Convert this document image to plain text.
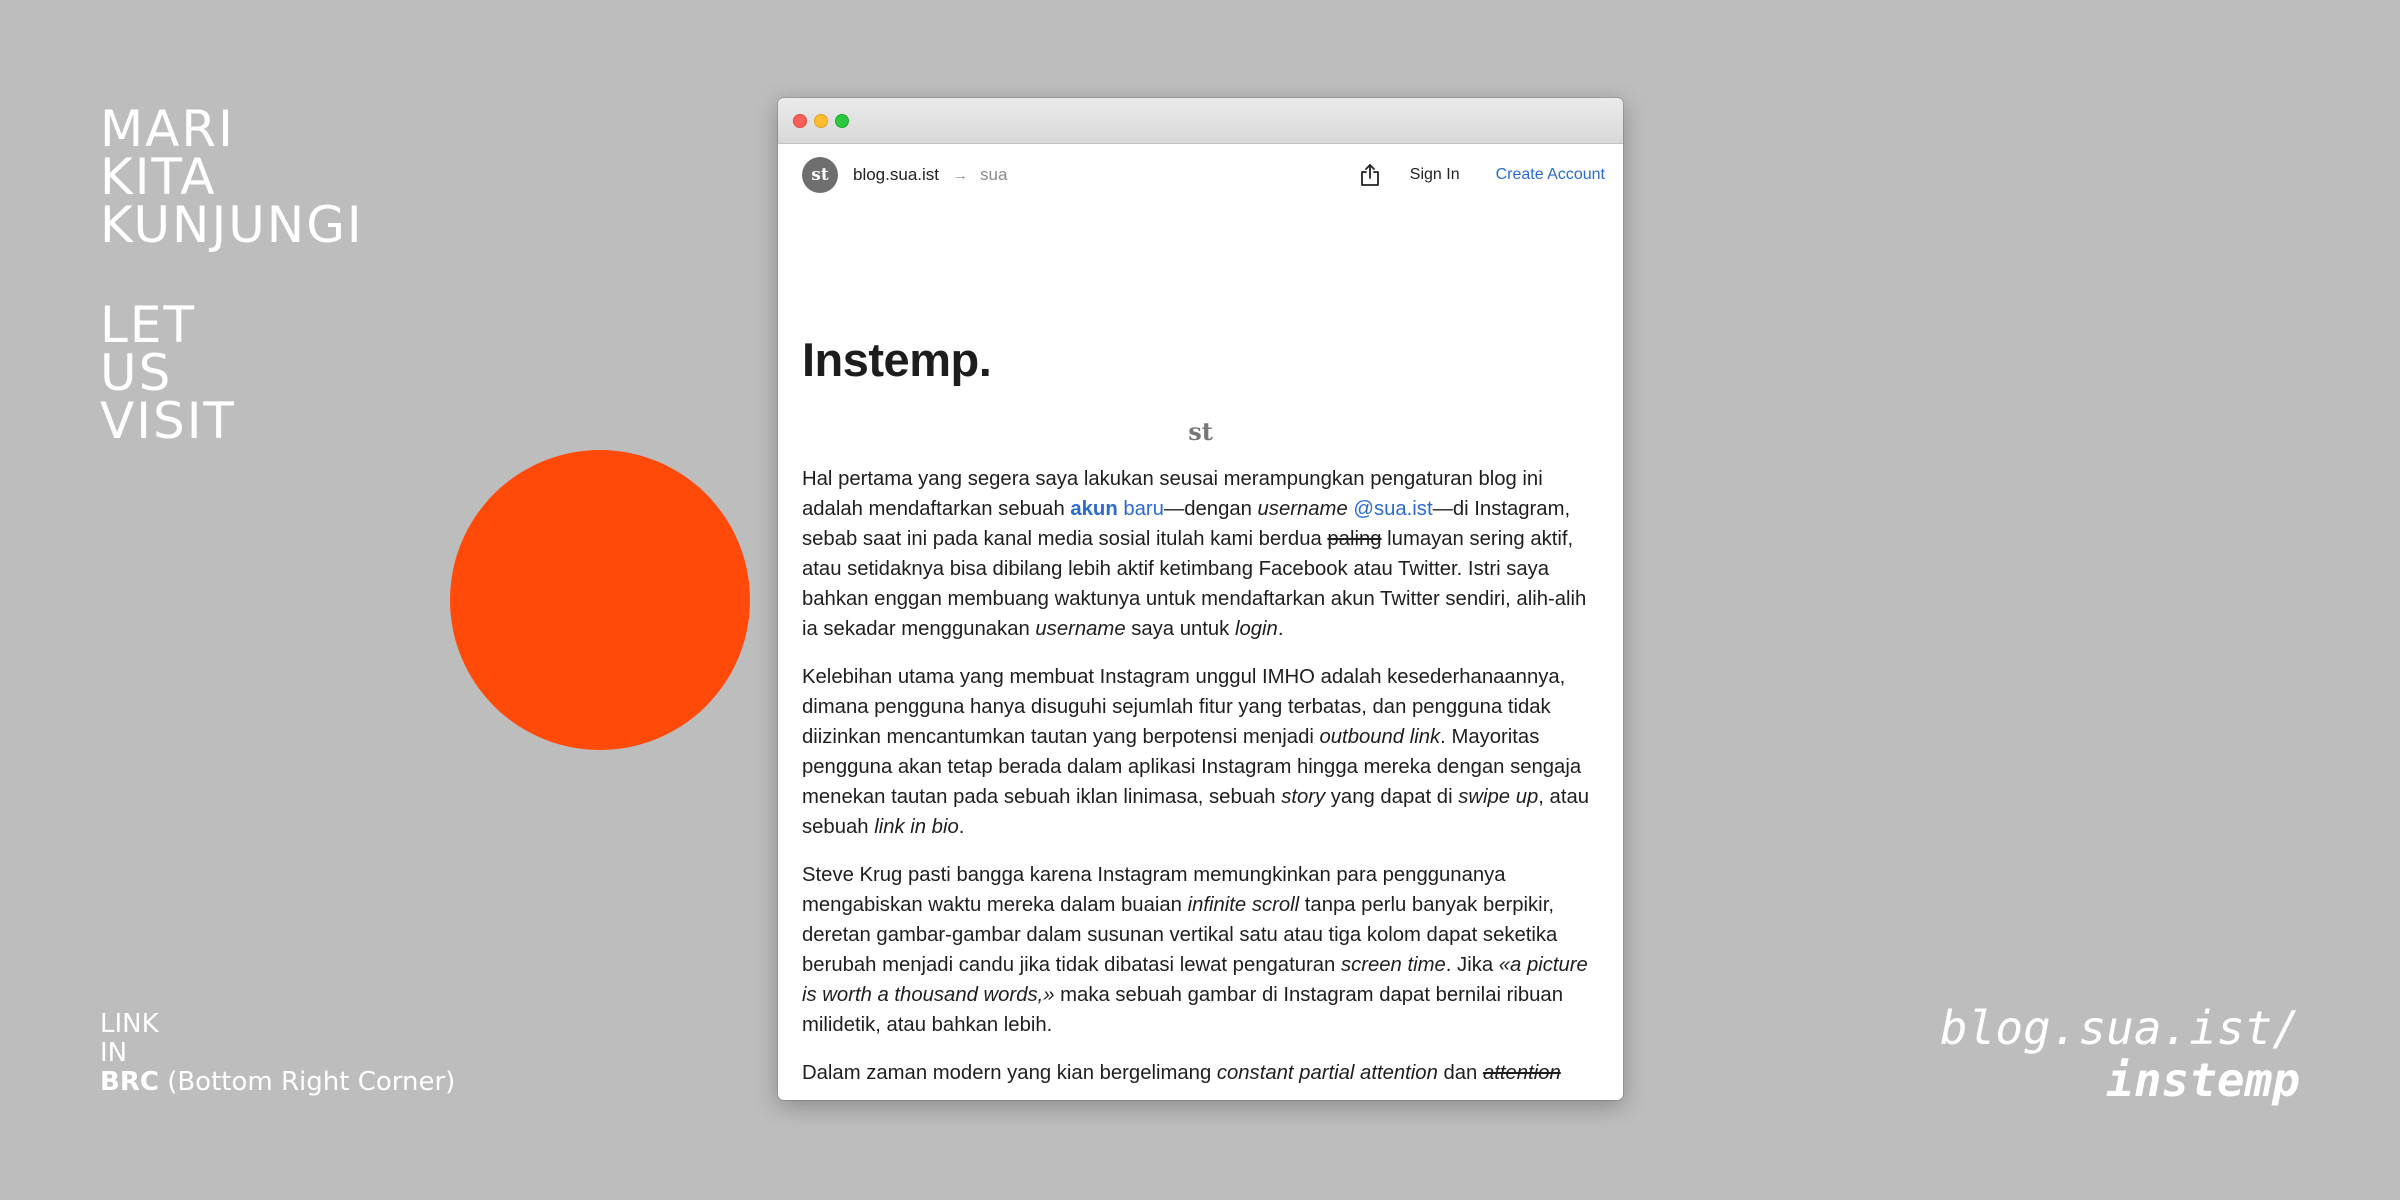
MARI
KITA
KUNJUNGI
LET
US
VISIT
LINK
IN
BRC (Bottom Right Corner)
blog.sua.ist/
instemp
st	blog.sua.ist → sua	Sign In Create Account
Instemp.
st

Hal pertama yang segera saya lakukan seusai merampungkan pengaturan blog ini adalah mendaftarkan sebuah akun baru—dengan username @sua.ist—di Instagram, sebab saat ini pada kanal media sosial itulah kami berdua paling lumayan sering aktif, atau setidaknya bisa dibilang lebih aktif ketimbang Facebook atau Twitter. Istri saya bahkan enggan membuang waktunya untuk mendaftarkan akun Twitter sendiri, alih-alih ia sekadar menggunakan username saya untuk login.

Kelebihan utama yang membuat Instagram unggul IMHO adalah kesederhanaannya, dimana pengguna hanya disuguhi sejumlah fitur yang terbatas, dan pengguna tidak diizinkan mencantumkan tautan yang berpotensi menjadi outbound link. Mayoritas pengguna akan tetap berada dalam aplikasi Instagram hingga mereka dengan sengaja menekan tautan pada sebuah iklan linimasa, sebuah story yang dapat di swipe up, atau sebuah link in bio.

Steve Krug pasti bangga karena Instagram memungkinkan para penggunanya mengabiskan waktu mereka dalam buaian infinite scroll tanpa perlu banyak berpikir, deretan gambar-gambar dalam susunan vertikal satu atau tiga kolom dapat seketika berubah menjadi candu jika tidak dibatasi lewat pengaturan screen time. Jika «a picture is worth a thousand words,» maka sebuah gambar di Instagram dapat bernilai ribuan milidetik, atau bahkan lebih.

Dalam zaman modern yang kian bergelimang constant partial attention dan attention
